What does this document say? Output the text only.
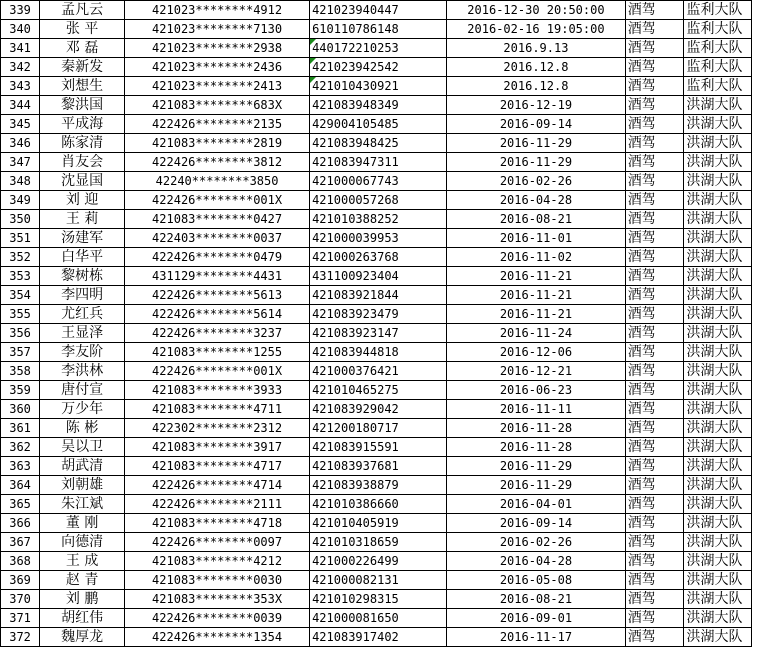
339	孟凡云	421023********4912	421023940447	2016-12-30 20:50:00	酒驾	监利大队
340	张 平	421023********7130	610110786148	2016-02-16 19:05:00	酒驾	监利大队
341	邓 磊	421023********2938	440172210253	2016.9.13	酒驾	监利大队
342	秦新发	421023********2436	421023942542	2016.12.8	酒驾	监利大队
343	刘想生	421023********2413	421010430921	2016.12.8	酒驾	监利大队
344	黎洪国	421083********683X	421083948349	2016-12-19	酒驾	洪湖大队
345	平成海	422426********2135	429004105485	2016-09-14	酒驾	洪湖大队
346	陈家清	421083********2819	421083948425	2016-11-29	酒驾	洪湖大队
347	肖友会	422426********3812	421083947311	2016-11-29	酒驾	洪湖大队
348	沈显国	42240********3850	421000067743	2016-02-26	酒驾	洪湖大队
349	刘 迎	422426********001X	421000057268	2016-04-28	酒驾	洪湖大队
350	王 莉	421083********0427	421010388252	2016-08-21	酒驾	洪湖大队
351	汤建军	422403********0037	421000039953	2016-11-01	酒驾	洪湖大队
352	白华平	422426********0479	421000263768	2016-11-02	酒驾	洪湖大队
353	黎树栋	431129********4431	431100923404	2016-11-21	酒驾	洪湖大队
354	李四明	422426********5613	421083921844	2016-11-21	酒驾	洪湖大队
355	尤红兵	422426********5614	421083923479	2016-11-21	酒驾	洪湖大队
356	王显泽	422426********3237	421083923147	2016-11-24	酒驾	洪湖大队
357	李友阶	421083********1255	421083944818	2016-12-06	酒驾	洪湖大队
358	李洪林	422426********001X	421000376421	2016-12-21	酒驾	洪湖大队
359	唐付宣	421083********3933	421010465275	2016-06-23	酒驾	洪湖大队
360	万少年	421083********4711	421083929042	2016-11-11	酒驾	洪湖大队
361	陈 彬	422302********2312	421200180717	2016-11-28	酒驾	洪湖大队
362	吴以卫	421083********3917	421083915591	2016-11-28	酒驾	洪湖大队
363	胡武清	421083********4717	421083937681	2016-11-29	酒驾	洪湖大队
364	刘朝雄	422426********4714	421083938879	2016-11-29	酒驾	洪湖大队
365	朱江斌	422426********2111	421010386660	2016-04-01	酒驾	洪湖大队
366	董 刚	421083********4718	421010405919	2016-09-14	酒驾	洪湖大队
367	向德清	422426********0097	421010318659	2016-02-26	酒驾	洪湖大队
368	王 成	421083********4212	421000226499	2016-04-28	酒驾	洪湖大队
369	赵 青	421083********0030	421000082131	2016-05-08	酒驾	洪湖大队
370	刘 鹏	421083********353X	421010298315	2016-08-21	酒驾	洪湖大队
371	胡红伟	422426********0039	421000081650	2016-09-01	酒驾	洪湖大队
372	魏厚龙	422426********1354	421083917402	2016-11-17	酒驾	洪湖大队
